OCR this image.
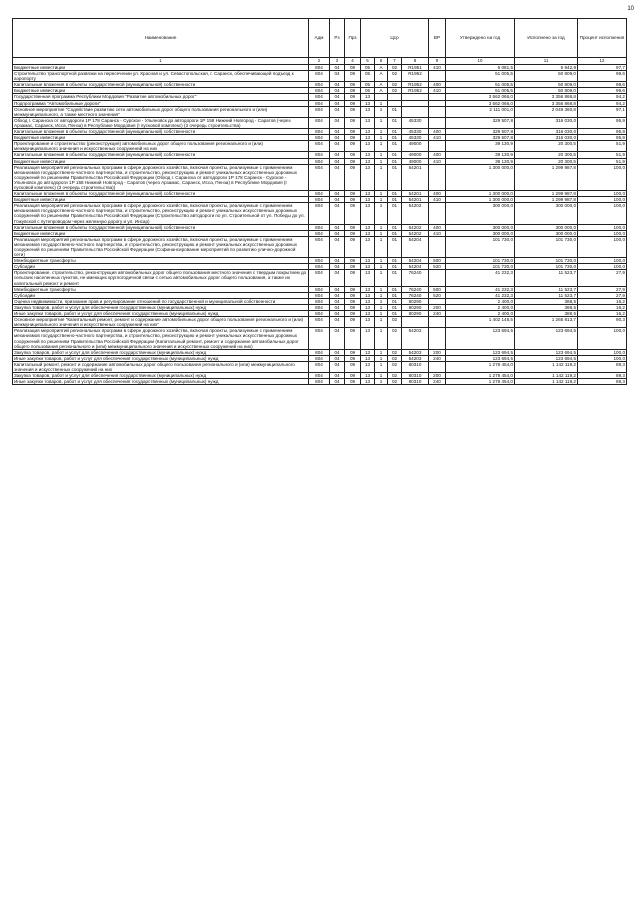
10
Наименование	Адм	Рз	Прз	Цср				ВР	Утверждено на год	Исполнено за год	Процент исполнения
1	2	3	4	5	6	7	8	9	10	11	12
Бюджетные инвестиции	804	04	09	05	А	02	R1951	410	6 081,5	5 942,9	97,7
Строительство транспортной развязки на пересечении ул. Красная и ул. Севастопольская, г. Саранск, обеспечивающей подъезд к аэропорту	804	04	09	05	А	02	R1952		51 005,5	50 809,0	99,6
Капитальные вложения в объекты государственной (муниципальной) собственности	804	04	09	05	А	02	R1952	400	51 005,5	50 809,0	99,6
Бюджетные инвестиции	804	04	09	05	А	02	R1952	410	51 005,5	50 809,0	99,6
Государственная программа Республики Мордовия "Развитие автомобильных дорог"	804	04	09	13					3 562 066,0	3 356 868,8	94,2
Подпрограмма "Автомобильные дороги"	804	04	09	13	1				3 562 066,0	3 356 868,8	94,2
Основное мероприятие "Содействие развитию сети автомобильных дорог общего пользования регионального и (или) межмуниципального, а также местного значения"	804	04	09	13	1	01			2 111 001,0	2 049 360,8	97,1
Обход г. Саранска от автодороги 1Р 178 Саранск - Сурское - Ульяновск до автодороги 1Р 158 Нижний Новгород - Саратов (через Арзамас, Саранск, Исса, Пенза) в Республике Мордовия (I пусковой комплекс) (3 очередь строительства)	804	04	09	13	1	01	45330		329 507,8	316 030,0	95,9
Капитальные вложения в объекты государственной (муниципальной) собственности	804	04	09	13	1	01	45330	400	329 507,8	316 030,0	95,9
Бюджетные инвестиции	804	04	09	13	1	01	45330	410	329 507,8	316 030,0	95,9
Проектирование и строительство (реконструкция) автомобильных дорог общего пользования регионального и (или) межмуниципального значения и искусственных сооружений на них	804	04	09	13	1	01	49000		39 130,9	20 300,5	51,9
Капитальные вложения в объекты государственной (муниципальной) собственности	804	04	09	13	1	01	49000	400	39 130,9	20 300,5	51,9
Бюджетные инвестиции	804	04	09	13	1	01	49000	410	39 130,9	20 300,5	51,9
Реализация мероприятий региональных программ в сфере дорожного хозяйства, включая проекты, реализуемые с применением механизмов государственно-частного партнерства, и строительство, реконструкцию и ремонт уникальных искусственных дорожных сооружений по решениям Правительства Российской Федерации (Обход г. Саранска от автодороги 1Р 178 Саранск - Сурское - Ульяновск до автодороги 1Р 158 Нижний Новгород - Саратов (через Арзамас, Саранск, Исса, Пенза) в Республике Мордовия (I пусковой комплекс) (3 очередь строительства))	804	04	09	13	1	01	54201		1 300 000,0	1 299 987,8	100,0
Капитальные вложения в объекты государственной (муниципальной) собственности	804	04	09	13	1	01	54201	400	1 300 000,0	1 299 987,8	100,0
Бюджетные инвестиции	804	04	09	13	1	01	54201	410	1 300 000,0	1 299 987,8	100,0
Реализация мероприятий региональных программ в сфере дорожного хозяйства, включая проекты, реализуемые с применением механизмов государственно-частного партнерства, и строительство, реконструкцию и ремонт уникальных искусственных дорожных сооружений по решениям Правительства Российской Федерации (Строительство автодороги по ул. Строительной от ул. Победы до ул. Гожувской с путепроводом через железную дорогу и ул. Инсар)	804	04	09	13	1	01	54202		300 000,0	300 000,0	100,0
Капитальные вложения в объекты государственной (муниципальной) собственности	804	04	09	13	1	01	54202	400	300 000,0	300 000,0	100,0
Бюджетные инвестиции	804	04	09	13	1	01	54202	410	300 000,0	300 000,0	100,0
Реализация мероприятий региональных программ в сфере дорожного хозяйства, включая проекты, реализуемые с применением механизмов государственно-частного партнерства, и строительство, реконструкцию и ремонт уникальных искусственных дорожных сооружений по решениям Правительства Российской Федерации (Софинансирование мероприятий по развитию улично-дорожной сети)	804	04	09	13	1	01	54204		101 730,0	101 730,0	100,0
Межбюджетные трансферты	804	04	09	13	1	01	54204	500	101 730,0	101 730,0	100,0
Субсидии	804	04	09	13	1	01	54204	520	101 730,0	101 730,0	100,0
Проектирование, строительство, реконструкция автомобильных дорог общего пользования местного значения с твердым покрытием до сельских населенных пунктов, не имеющих круглогодичной связи с сетью автомобильных дорог общего пользования, а также их капитальный ремонт и ремонт	804	04	09	13	1	01	76240		41 232,3	11 523,7	27,9
Межбюджетные трансферты	804	04	09	13	1	01	76240	500	41 232,3	11 523,7	27,9
Субсидии	804	04	09	13	1	01	76240	520	41 232,3	11 523,7	27,9
Оценка недвижимости, признание прав и регулирование отношений по государственной и муниципальной собственности	804	04	09	13	1	01	80290		2 400,0	388,5	16,2
Закупка товаров, работ и услуг для обеспечения государственных (муниципальных) нужд	804	04	09	13	1	01	80290	200	2 400,0	388,5	16,2
Иные закупки товаров, работ и услуг для обеспечения государственных (муниципальных) нужд	804	04	09	13	1	01	80290	240	2 400,0	388,5	16,2
Основное мероприятие "Капитальный ремонт, ремонт и содержание автомобильных дорог общего пользования регионального и (или) межмуниципального значения и искусственных сооружений на них"	804	04	09	13	1	02			1 402 148,5	1 265 813,7	90,3
Реализация мероприятий региональных программ в сфере дорожного хозяйства, включая проекты, реализуемые с применением механизмов государственно-частного партнерства, и строительство, реконструкцию и ремонт уникальных искусственных дорожных сооружений по решениям Правительства Российской Федерации (Капитальный ремонт, ремонт и содержание автомобильных дорог общего пользования регионального и (или) межмуниципального значения и искусственных сооружений на них)	804	04	09	13	1	02	54203		123 694,5	123 694,5	100,0
Закупка товаров, работ и услуг для обеспечения государственных (муниципальных) нужд	804	04	09	13	1	02	54203	200	123 694,5	123 694,5	100,0
Иные закупки товаров, работ и услуг для обеспечения государственных (муниципальных) нужд	804	04	09	13	1	02	54203	240	123 694,5	123 694,5	100,0
Капитальный ремонт, ремонт и содержание автомобильных дорог общего пользования регионального и (или) межмуниципального значения и искусственных сооружений на них	804	04	09	13	1	02	80310		1 278 454,0	1 142 119,2	89,3
Закупка товаров, работ и услуг для обеспечения государственных (муниципальных) нужд	804	04	09	13	1	02	80310	200	1 278 454,0	1 142 119,2	89,3
Иные закупки товаров, работ и услуг для обеспечения государственных (муниципальных) нужд	804	04	09	13	1	02	80310	240	1 278 454,0	1 142 119,2	89,3
